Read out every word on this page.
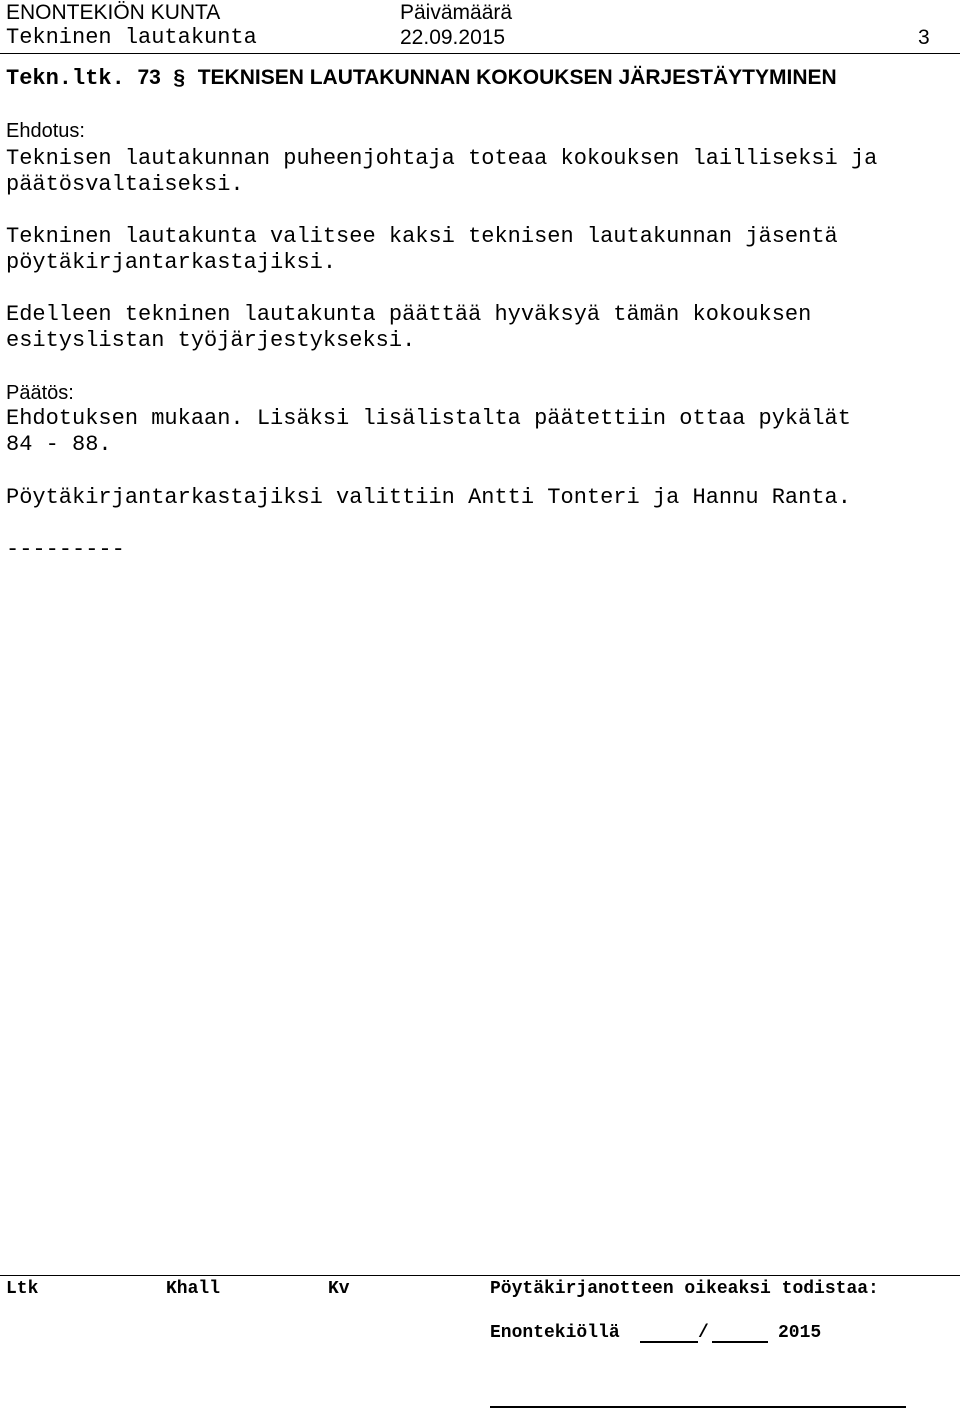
ENONTEKIÖN KUNTA
Tekninen lautakunta
Päivämäärä
22.09.2015	3
Tekn.ltk. 73 § TEKNISEN LAUTAKUNNAN KOKOUKSEN JÄRJESTÄYTYMINEN
Ehdotus:
Teknisen lautakunnan puheenjohtaja toteaa kokouksen lailliseksi ja
päätösvaltaiseksi.
Tekninen lautakunta valitsee kaksi teknisen lautakunnan jäsentä
pöytäkirjantarkastajiksi.
Edelleen tekninen lautakunta päättää hyväksyä tämän kokouksen
esityslistan työjärjestykseksi.
Päätös:
Ehdotuksen mukaan. Lisäksi lisälistalta päätettiin ottaa pykälät
84 - 88.
Pöytäkirjantarkastajiksi valittiin Antti Tonteri ja Hannu Ranta.
---------
Ltk	Khall	Kv	Pöytäkirjanotteen oikeaksi todistaa:
Enontekiöllä	/	2015
